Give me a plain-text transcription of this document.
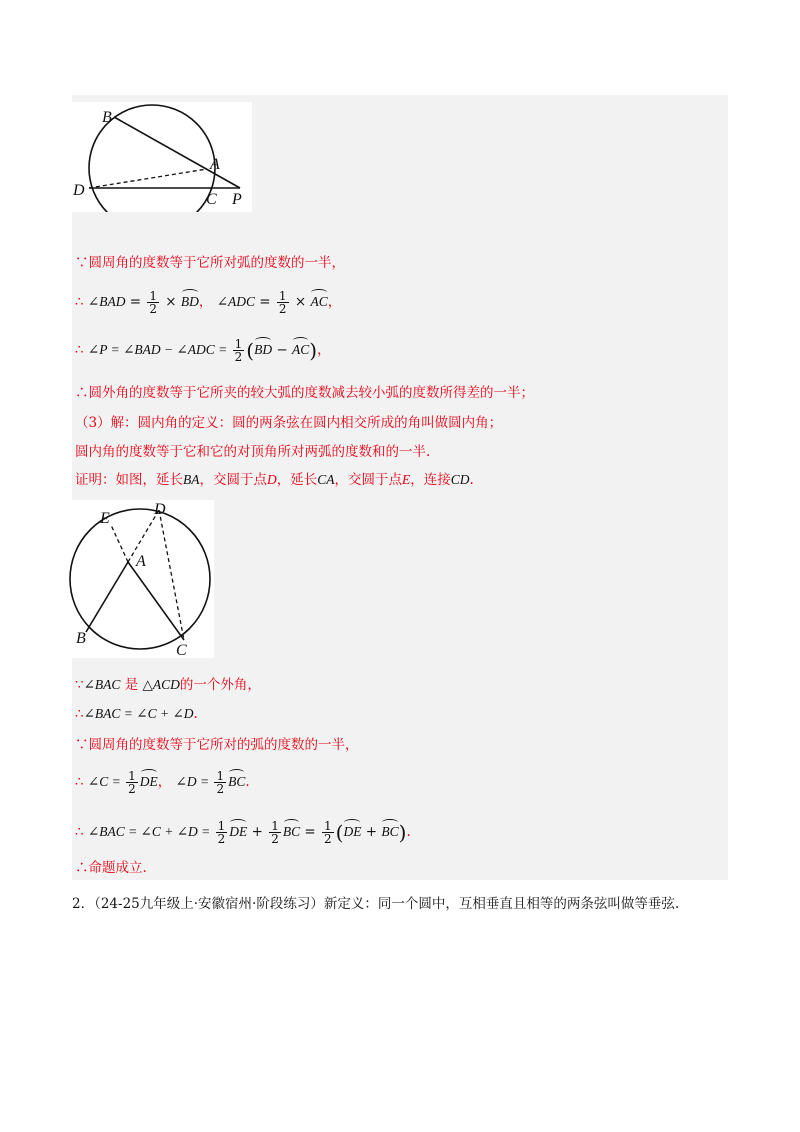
B
A
D
C P
∵圆周角的度数等于它所对弧的度数的一半，
∴ ∠BAD = $\frac{1}{2}$ × BD， ∠ADC = $\frac{1}{2}$ × AC，
∴ ∠P = ∠BAD − ∠ADC = $\frac{1}{2} (BD - AC)$，
∴圆外角的度数等于它所夹的较大弧的度数减去较小弧的度数所得差的一半；
（3）解：圆内角的定义：圆的两条弦在圆内相交所成的角叫做圆内角；
圆内角的度数等于它和它的对顶角所对两弧的度数和的一半.
证明：如图，延长BA，交圆于点D，延长CA，交圆于点E，连接CD.
E
D
A
B
C
∵∠BAC 是 △ACD的一个外角，
∴∠BAC = ∠C + ∠D.
∵圆周角的度数等于它所对的弧的度数的一半，
∴ ∠C = $\frac{1}{2}$ DE， ∠D = $\frac{1}{2}$ BC.
∴ ∠BAC = ∠C + ∠D = $\frac{1}{2}$ DE + $\frac{1}{2}$ BC = $\frac{1}{2} (DE + BC)$.
∴命题成立.
2．（24-25九年级上·安徽宿州·阶段练习）新定义：同一个圆中，互相垂直且相等的两条弦叫做等垂弦.
